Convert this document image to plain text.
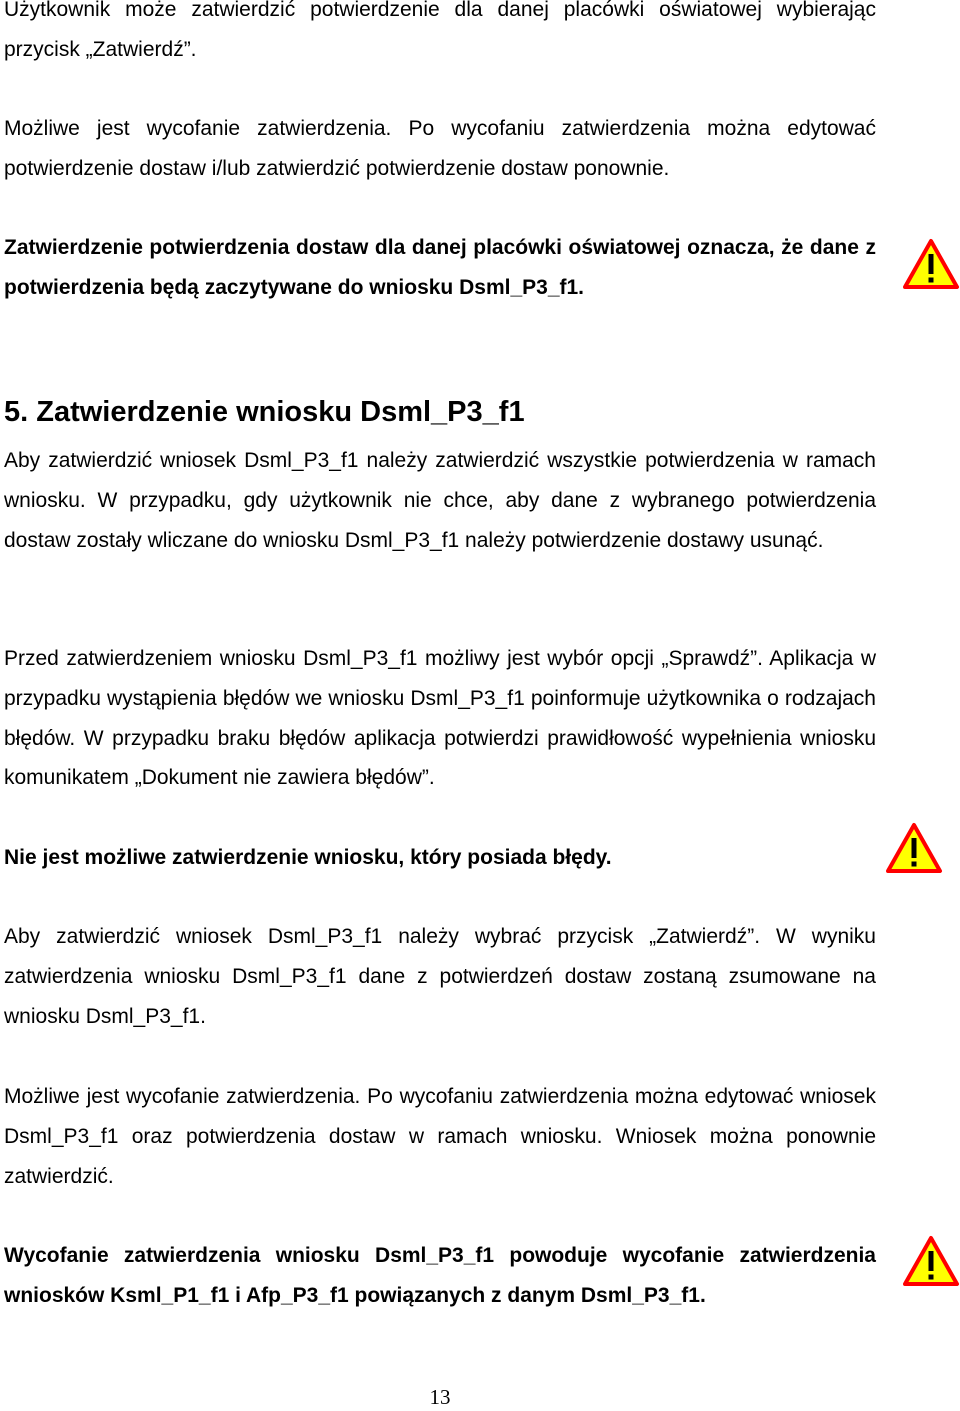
Użytkownik może zatwierdzić potwierdzenie dla danej placówki oświatowej wybierając przycisk „Zatwierdź”.

Możliwe jest wycofanie zatwierdzenia. Po wycofaniu zatwierdzenia można edytować potwierdzenie dostaw i/lub zatwierdzić potwierdzenie dostaw ponownie.

Zatwierdzenie potwierdzenia dostaw dla danej placówki oświatowej oznacza, że dane z potwierdzenia będą zaczytywane do wniosku Dsml_P3_f1.

5. Zatwierdzenie wniosku Dsml_P3_f1

Aby zatwierdzić wniosek Dsml_P3_f1 należy zatwierdzić wszystkie potwierdzenia w ramach wniosku. W przypadku, gdy użytkownik nie chce, aby dane z wybranego potwierdzenia dostaw zostały wliczane do wniosku Dsml_P3_f1 należy potwierdzenie dostawy usunąć.

Przed zatwierdzeniem wniosku Dsml_P3_f1 możliwy jest wybór opcji „Sprawdź”. Aplikacja w przypadku wystąpienia błędów we wniosku Dsml_P3_f1 poinformuje użytkownika o rodzajach błędów. W przypadku braku błędów aplikacja potwierdzi prawidłowość wypełnienia wniosku komunikatem „Dokument nie zawiera błędów”.

Nie jest możliwe zatwierdzenie wniosku, który posiada błędy.

Aby zatwierdzić wniosek Dsml_P3_f1 należy wybrać przycisk „Zatwierdź”. W wyniku zatwierdzenia wniosku Dsml_P3_f1 dane z potwierdzeń dostaw zostaną zsumowane na wniosku Dsml_P3_f1.

Możliwe jest wycofanie zatwierdzenia. Po wycofaniu zatwierdzenia można edytować wniosek Dsml_P3_f1 oraz potwierdzenia dostaw w ramach wniosku. Wniosek można ponownie zatwierdzić.

Wycofanie zatwierdzenia wniosku Dsml_P3_f1 powoduje wycofanie zatwierdzenia wniosków Ksml_P1_f1 i Afp_P3_f1 powiązanych z danym Dsml_P3_f1.

13
